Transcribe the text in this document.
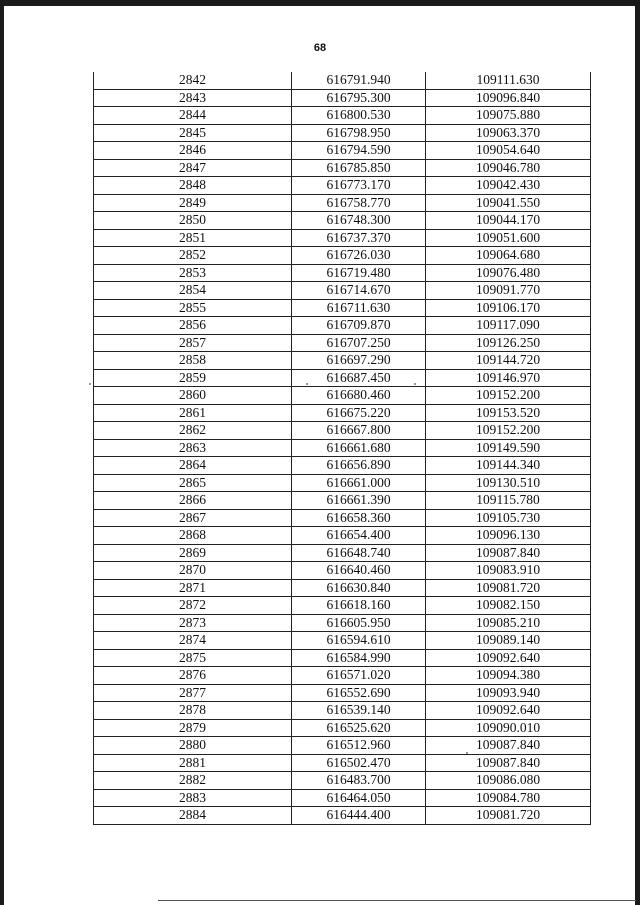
68
2842	616791.940	109111.630
2843	616795.300	109096.840
2844	616800.530	109075.880
2845	616798.950	109063.370
2846	616794.590	109054.640
2847	616785.850	109046.780
2848	616773.170	109042.430
2849	616758.770	109041.550
2850	616748.300	109044.170
2851	616737.370	109051.600
2852	616726.030	109064.680
2853	616719.480	109076.480
2854	616714.670	109091.770
2855	616711.630	109106.170
2856	616709.870	109117.090
2857	616707.250	109126.250
2858	616697.290	109144.720
2859	616687.450	109146.970
2860	616680.460	109152.200
2861	616675.220	109153.520
2862	616667.800	109152.200
2863	616661.680	109149.590
2864	616656.890	109144.340
2865	616661.000	109130.510
2866	616661.390	109115.780
2867	616658.360	109105.730
2868	616654.400	109096.130
2869	616648.740	109087.840
2870	616640.460	109083.910
2871	616630.840	109081.720
2872	616618.160	109082.150
2873	616605.950	109085.210
2874	616594.610	109089.140
2875	616584.990	109092.640
2876	616571.020	109094.380
2877	616552.690	109093.940
2878	616539.140	109092.640
2879	616525.620	109090.010
2880	616512.960	109087.840
2881	616502.470	109087.840
2882	616483.700	109086.080
2883	616464.050	109084.780
2884	616444.400	109081.720
